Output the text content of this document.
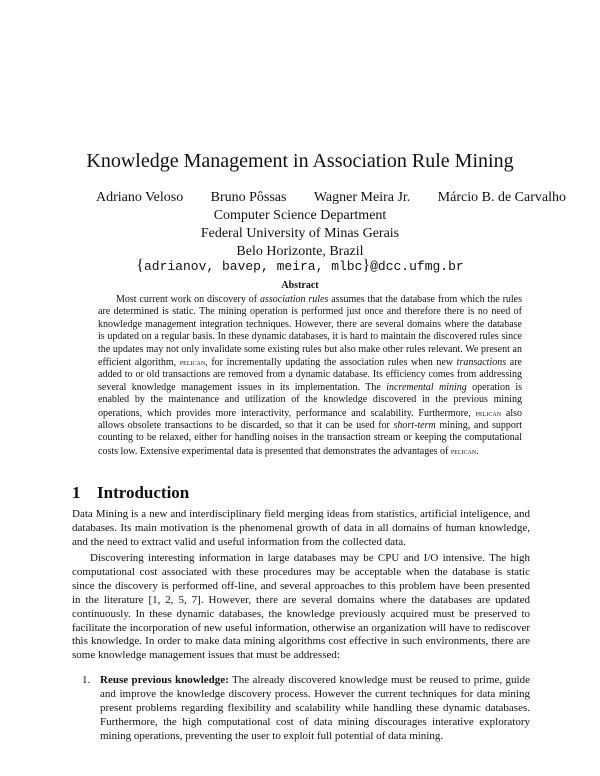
Knowledge Management in Association Rule Mining
Adriano Veloso Bruno Pôssas Wagner Meira Jr. Márcio B. de Carvalho
Computer Science Department
Federal University of Minas Gerais
Belo Horizonte, Brazil
{adrianov, bavep, meira, mlbc}@dcc.ufmg.br
Abstract

Most current work on discovery of association rules assumes that the database from which the rules are determined is static. The mining operation is performed just once and therefore there is no need of knowledge management integration techniques. However, there are several domains where the database is updated on a regular basis. In these dynamic databases, it is hard to maintain the discovered rules since the updates may not only invalidate some existing rules but also make other rules relevant. We present an efficient algorithm, pelican, for incrementally updating the association rules when new transactions are added to or old transactions are removed from a dynamic database. Its efficiency comes from addressing several knowledge management issues in its implementation. The incremental mining operation is enabled by the maintenance and utilization of the knowledge discovered in the previous mining operations, which provides more interactivity, performance and scalability. Furthermore, pelican also allows obsolete transactions to be discarded, so that it can be used for short-term mining, and support counting to be relaxed, either for handling noises in the transaction stream or keeping the computational costs low. Extensive experimental data is presented that demonstrates the advantages of pelican.

1 Introduction

Data Mining is a new and interdisciplinary field merging ideas from statistics, artificial inteligence, and databases. Its main motivation is the phenomenal growth of data in all domains of human knowledge, and the need to extract valid and useful information from the collected data.

Discovering interesting information in large databases may be CPU and I/O intensive. The high computational cost associated with these procedures may be acceptable when the database is static since the discovery is performed off-line, and several approaches to this problem have been presented in the literature [1, 2, 5, 7]. However, there are several domains where the databases are updated continuously. In these dynamic databases, the knowledge previously acquired must be preserved to facilitate the incorporation of new useful information, otherwise an organization will have to rediscover this knowledge. In order to make data mining algorithms cost effective in such environments, there are some knowledge management issues that must be addressed:

1. Reuse previous knowledge: The already discovered knowledge must be reused to prime, guide and improve the knowledge discovery process. However the current techniques for data mining present problems regarding flexibility and scalability while handling these dynamic databases. Furthermore, the high computational cost of data mining discourages interative exploratory mining operations, preventing the user to exploit full potential of data mining.
